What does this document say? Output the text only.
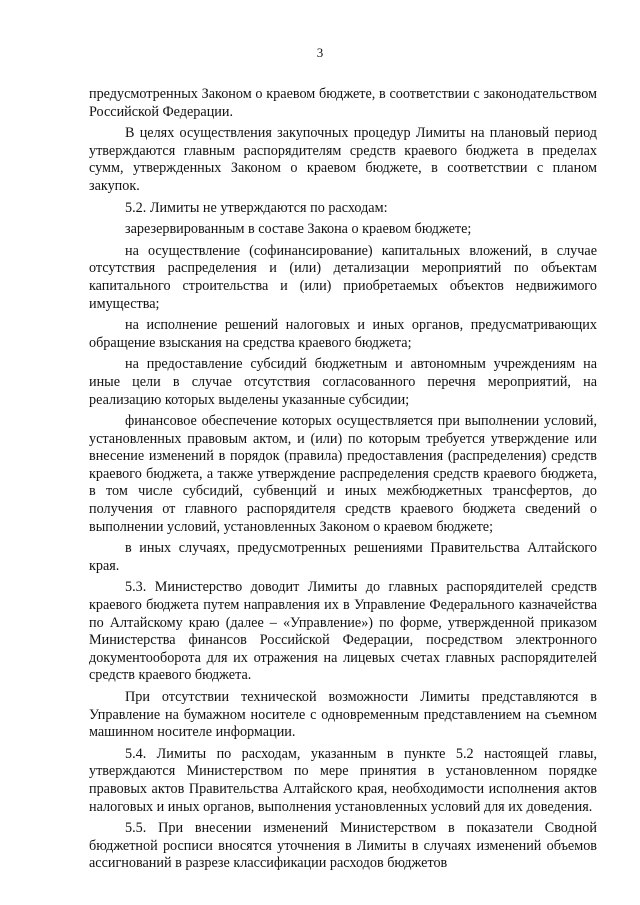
3

предусмотренных Законом о краевом бюджете, в соответствии с законодательством Российской Федерации.

В целях осуществления закупочных процедур Лимиты на плановый период утверждаются главным распорядителям средств краевого бюджета в пределах сумм, утвержденных Законом о краевом бюджете, в соответствии с планом закупок.

5.2. Лимиты не утверждаются по расходам:

зарезервированным в составе Закона о краевом бюджете;

на осуществление (софинансирование) капитальных вложений, в случае отсутствия распределения и (или) детализации мероприятий по объектам капитального строительства и (или) приобретаемых объектов недвижимого имущества;

на исполнение решений налоговых и иных органов, предусматривающих обращение взыскания на средства краевого бюджета;

на предоставление субсидий бюджетным и автономным учреждениям на иные цели в случае отсутствия согласованного перечня мероприятий, на реализацию которых выделены указанные субсидии;

финансовое обеспечение которых осуществляется при выполнении условий, установленных правовым актом, и (или) по которым требуется утверждение или внесение изменений в порядок (правила) предоставления (распределения) средств краевого бюджета, а также утверждение распределения средств краевого бюджета, в том числе субсидий, субвенций и иных межбюджетных трансфертов, до получения от главного распорядителя средств краевого бюджета сведений о выполнении условий, установленных Законом о краевом бюджете;

в иных случаях, предусмотренных решениями Правительства Алтайского края.

5.3. Министерство доводит Лимиты до главных распорядителей средств краевого бюджета путем направления их в Управление Федерального казначейства по Алтайскому краю (далее – «Управление») по форме, утвержденной приказом Министерства финансов Российской Федерации, посредством электронного документооборота для их отражения на лицевых счетах главных распорядителей средств краевого бюджета.

При отсутствии технической возможности Лимиты представляются в Управление на бумажном носителе с одновременным представлением на съемном машинном носителе информации.

5.4. Лимиты по расходам, указанным в пункте 5.2 настоящей главы, утверждаются Министерством по мере принятия в установленном порядке правовых актов Правительства Алтайского края, необходимости исполнения актов налоговых и иных органов, выполнения установленных условий для их доведения.

5.5. При внесении изменений Министерством в показатели Сводной бюджетной росписи вносятся уточнения в Лимиты в случаях изменений объемов ассигнований в разрезе классификации расходов бюджетов
